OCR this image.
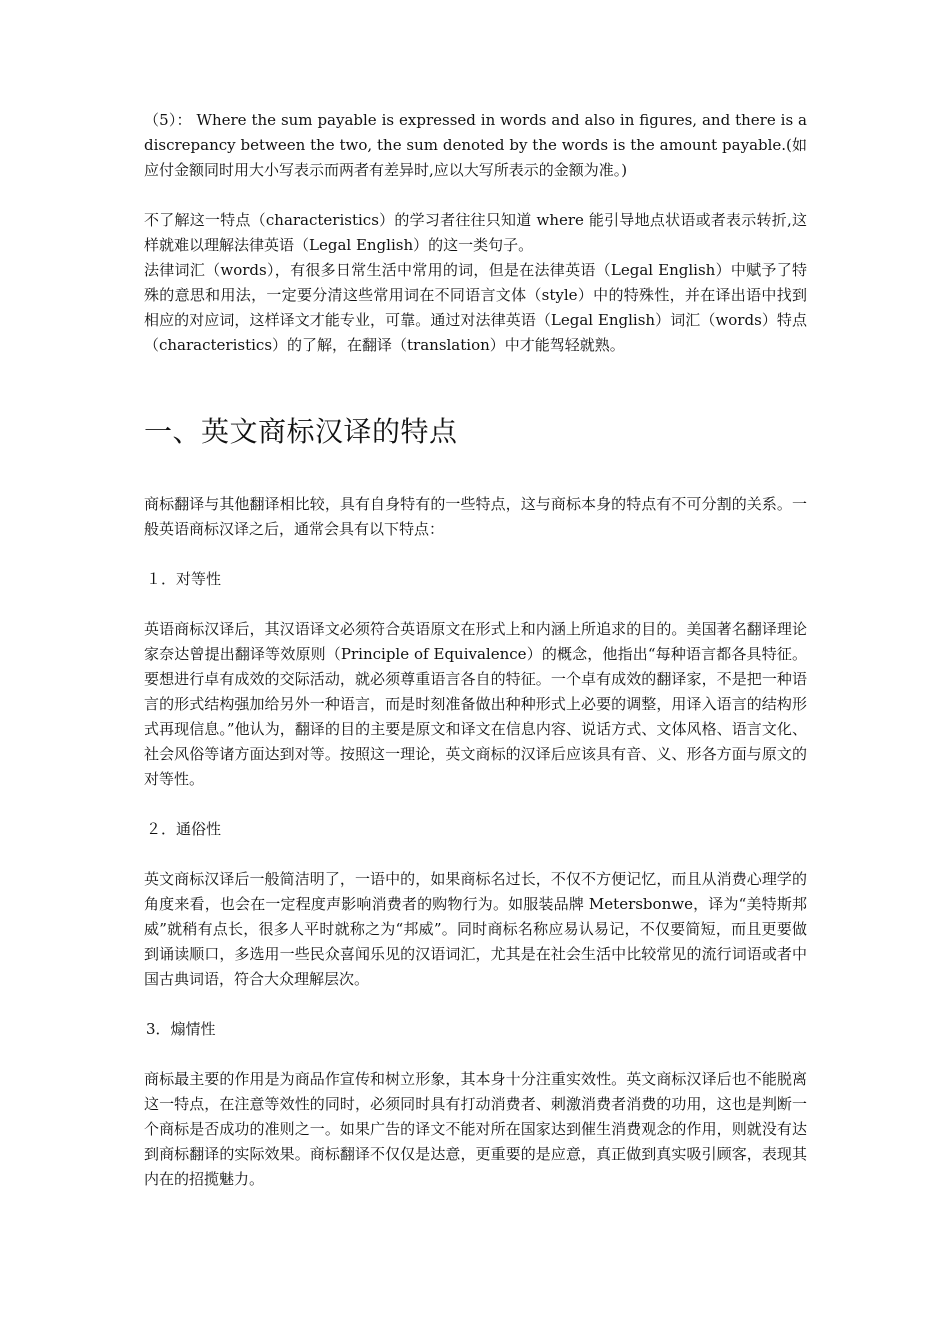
（5）： Where the sum payable is expressed in words and also in figures, and there is a discrepancy between the two, the sum denoted by the words is the amount payable.(如应付金额同时用大小写表示而两者有差异时,应以大写所表示的金额为准。)

不了解这一特点（characteristics）的学习者往往只知道 where 能引导地点状语或者表示转折,这样就难以理解法律英语（Legal English）的这一类句子。

法律词汇（words），有很多日常生活中常用的词，但是在法律英语（Legal English）中赋予了特殊的意思和用法，一定要分清这些常用词在不同语言文体（style）中的特殊性，并在译出语中找到相应的对应词，这样译文才能专业，可靠。通过对法律英语（Legal English）词汇（words）特点（characteristics）的了解，在翻译（translation）中才能驾轻就熟。

一、英文商标汉译的特点

商标翻译与其他翻译相比较，具有自身特有的一些特点，这与商标本身的特点有不可分割的关系。一般英语商标汉译之后，通常会具有以下特点：

１．对等性

英语商标汉译后，其汉语译文必须符合英语原文在形式上和内涵上所追求的目的。美国著名翻译理论家奈达曾提出翻译等效原则（Principle of Equivalence）的概念，他指出“每种语言都各具特征。要想进行卓有成效的交际活动，就必须尊重语言各自的特征。一个卓有成效的翻译家，不是把一种语言的形式结构强加给另外一种语言，而是时刻准备做出种种形式上必要的调整，用译入语言的结构形式再现信息。”他认为，翻译的目的主要是原文和译文在信息内容、说话方式、文体风格、语言文化、社会风俗等诸方面达到对等。按照这一理论，英文商标的汉译后应该具有音、义、形各方面与原文的对等性。

２．通俗性

英文商标汉译后一般简洁明了，一语中的，如果商标名过长，不仅不方便记忆，而且从消费心理学的角度来看，也会在一定程度声影响消费者的购物行为。如服装品牌 Metersbonwe，译为“美特斯邦威”就稍有点长，很多人平时就称之为“邦威”。同时商标名称应易认易记，不仅要简短，而且更要做到诵读顺口，多选用一些民众喜闻乐见的汉语词汇，尤其是在社会生活中比较常见的流行词语或者中国古典词语，符合大众理解层次。

3．煽情性

商标最主要的作用是为商品作宣传和树立形象，其本身十分注重实效性。英文商标汉译后也不能脱离这一特点，在注意等效性的同时，必须同时具有打动消费者、刺激消费者消费的功用，这也是判断一个商标是否成功的准则之一。如果广告的译文不能对所在国家达到催生消费观念的作用，则就没有达到商标翻译的实际效果。商标翻译不仅仅是达意，更重要的是应意，真正做到真实吸引顾客，表现其内在的招揽魅力。
